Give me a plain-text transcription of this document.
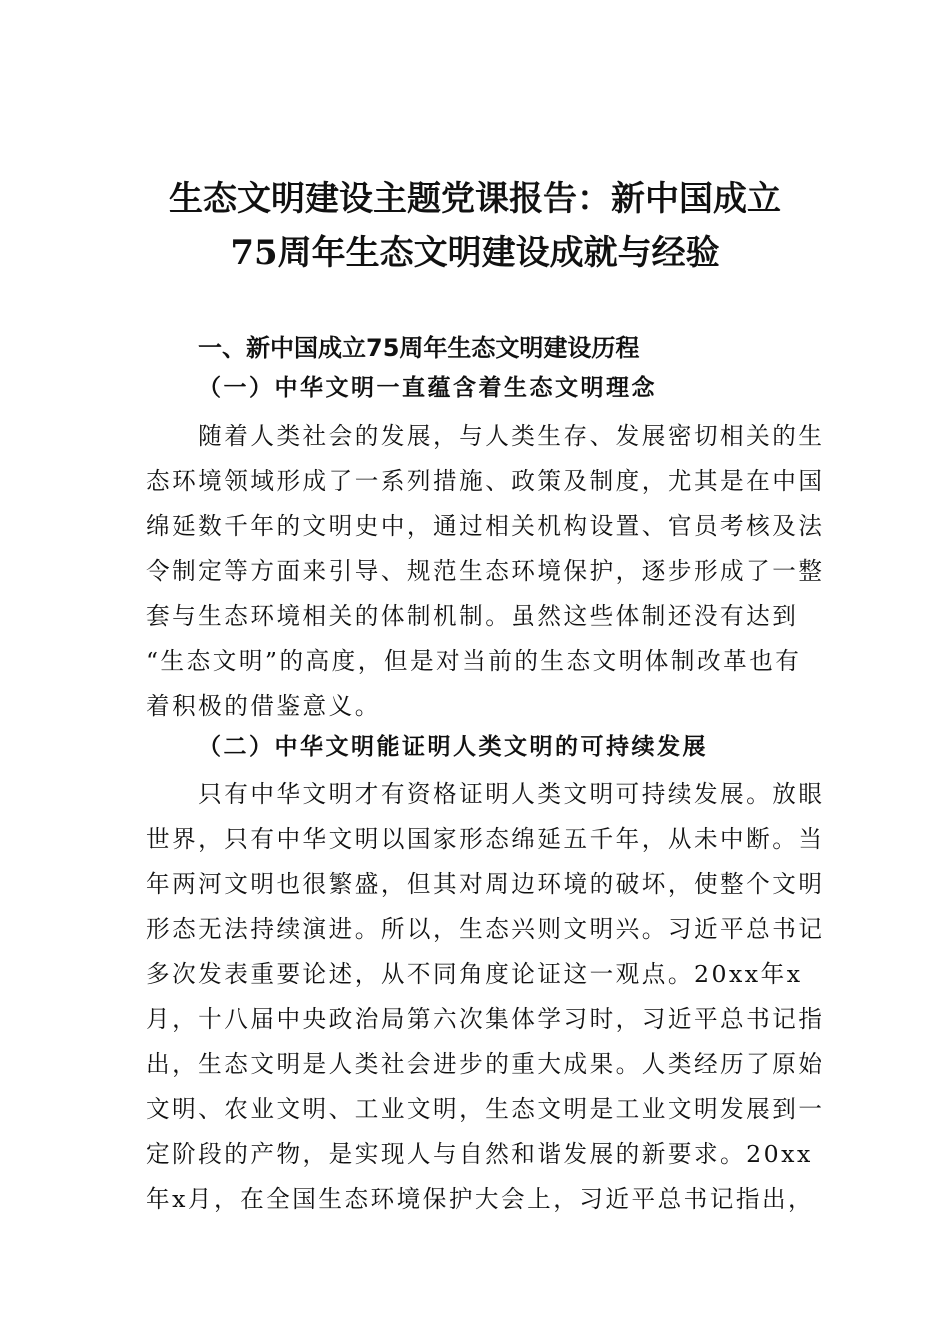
生态文明建设主题党课报告：新中国成立
75周年生态文明建设成就与经验
一、新中国成立75周年生态文明建设历程
（一）中华文明一直蕴含着生态文明理念
　　随着人类社会的发展，与人类生存、发展密切相关的生
态环境领域形成了一系列措施、政策及制度，尤其是在中国
绵延数千年的文明史中，通过相关机构设置、官员考核及法
令制定等方面来引导、规范生态环境保护，逐步形成了一整
套与生态环境相关的体制机制。虽然这些体制还没有达到
“生态文明”的高度，但是对当前的生态文明体制改革也有
着积极的借鉴意义。
（二）中华文明能证明人类文明的可持续发展
　　只有中华文明才有资格证明人类文明可持续发展。放眼
世界，只有中华文明以国家形态绵延五千年，从未中断。当
年两河文明也很繁盛，但其对周边环境的破坏，使整个文明
形态无法持续演进。所以，生态兴则文明兴。习近平总书记
多次发表重要论述，从不同角度论证这一观点。20xx年x
月，十八届中央政治局第六次集体学习时，习近平总书记指
出，生态文明是人类社会进步的重大成果。人类经历了原始
文明、农业文明、工业文明，生态文明是工业文明发展到一
定阶段的产物，是实现人与自然和谐发展的新要求。20xx
年x月，在全国生态环境保护大会上，习近平总书记指出，
